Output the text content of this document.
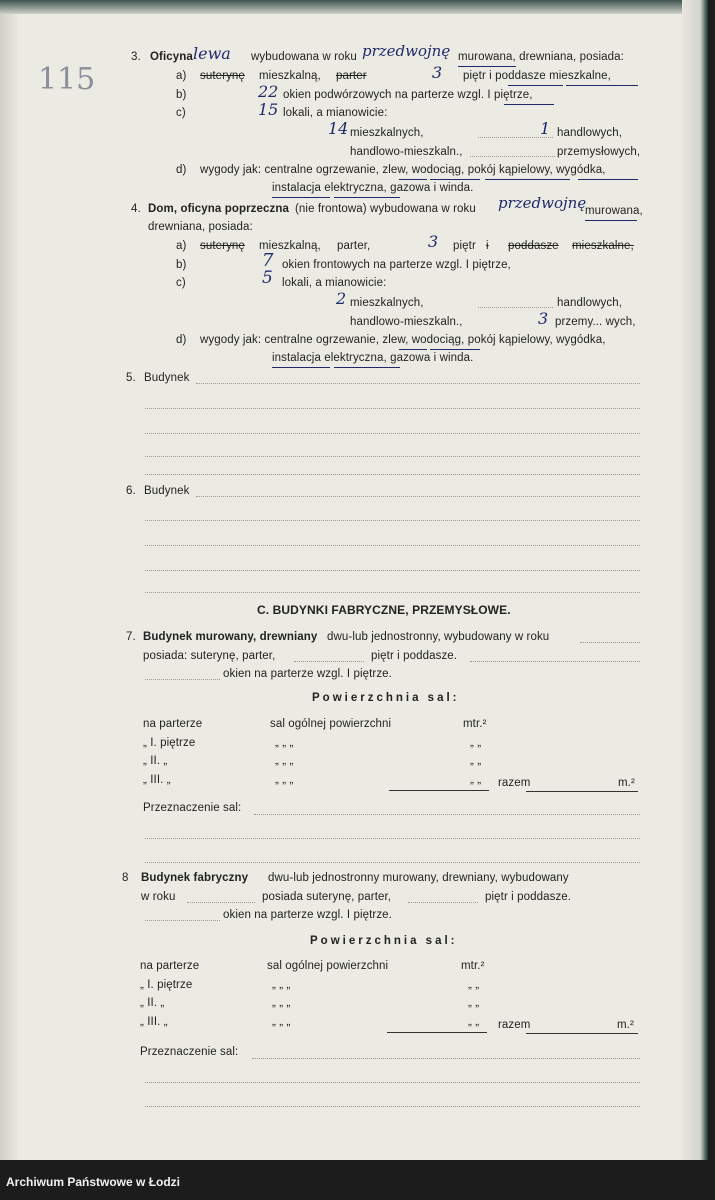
115
3. Oficyna lewa wybudowana w roku przedwojnę murowana, drewniana, posiada:
a) suterynę mieszkalną, parter	3 piętr i poddasze mieszkalne,
b)	22 okien podwórzowych na parterze wzgl. I piętrze,
c)	15 lokali, a mianowicie:
14 mieszkalnych,	1 handlowych,
handlowo-mieszkaln.,	przemysłowych,
d) wygody jak: centralne ogrzewanie, zlew, wodociąg, pokój kąpielowy, wygódka,
instalacja elektryczna, gazowa i winda.
4. Dom, oficyna poprzeczna (nie frontowa) wybudowana w roku przedwojnę
murowana,
drewniana, posiada:
a) suterynę mieszkalną, parter,	3 piętr i poddasze mieszkalne,
b)	7 okien frontowych na parterze wzgl. I piętrze,
c)	5 lokali, a mianowicie:
2 mieszkalnych,	handlowych,
handlowo-mieszkaln.,	3 przemy... wych,
d) wygody jak: centralne ogrzewanie, zlew, wodociąg, pokój kąpielowy, wygódka,
instalacja elektryczna, gazowa i winda.
5. Budynek
6. Budynek
C. BUDYNKI FABRYCZNE, PRZEMYSŁOWE.
7. Budynek murowany, drewniany dwu-lub jednostronny, wybudowany w roku
posiada: suterynę, parter,	piętr i poddasze.
okien na parterze wzgl. I piętrze.
Powierzchnia sal:
na parterze	sal ogólnej powierzchni	mtr.²
„ I. piętrze	„ „ „	„ „
„ II. „	„ „ „	„ „
„ III. „	„ „ „	„ „ razem	m.²
Przeznaczenie sal:
8 Budynek fabryczny dwu-lub jednostronny murowany, drewniany, wybudowany
w roku	posiada suterynę, parter,	piętr i poddasze.
okien na parterze wzgl. I piętrze.
Powierzchnia sal:
na parterze	sal ogólnej powierzchni	mtr.²
„ I. piętrze	„ „ „	„ „
„ II. „	„ „ „	„ „
„ III. „	„ „ „	„ „ razem	m.²
Przeznaczenie sal:
Archiwum Państwowe w Łodzi
